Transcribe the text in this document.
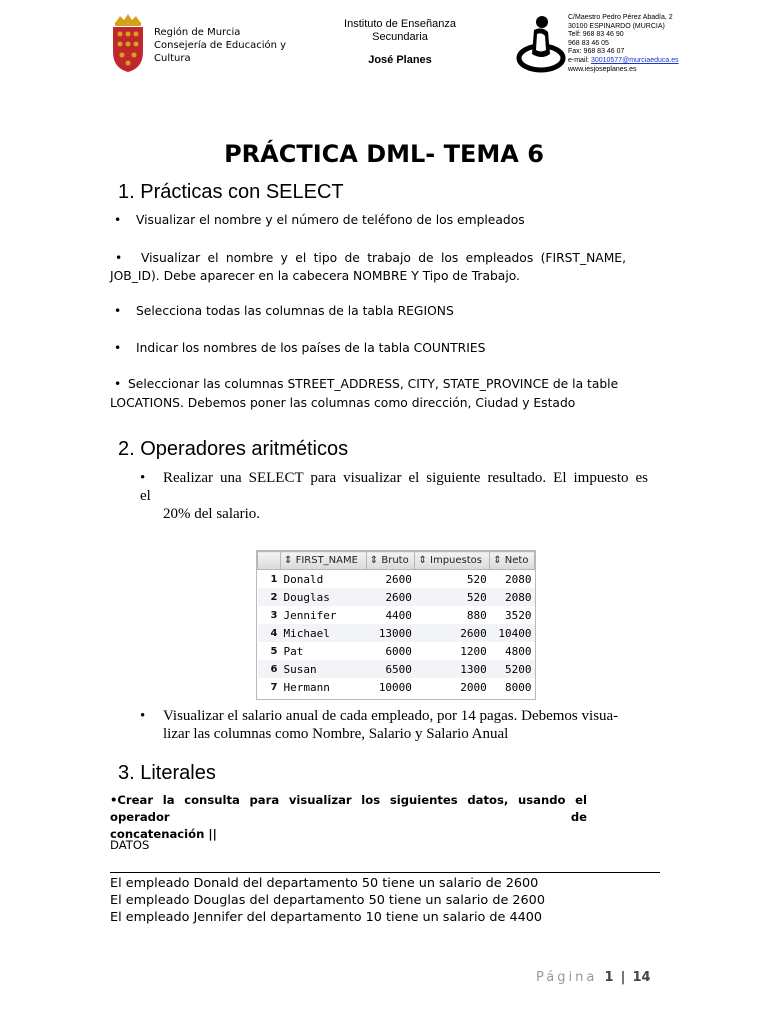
Región de Murcia
Consejería de Educación y
Cultura
Instituto de Enseñanza
Secundaria
José Planes
C/Maestro Pedro Pérez Abadía, 2
30100 ESPINARDO (MURCIA)
Telf: 968 83 46 90
968 83 46 05
Fax: 968 83 46 07
e-mail: 30010577@murciaeduca.es
www.iesjoseplanes.es
PRÁCTICA DML- TEMA 6
1. Prácticas con SELECT
• Visualizar el nombre y el número de teléfono de los empleados
• Visualizar el nombre y el tipo de trabajo de los empleados (FIRST_NAME,
JOB_ID). Debe aparecer en la cabecera NOMBRE Y Tipo de Trabajo.
• Selecciona todas las columnas de la tabla REGIONS
• Indicar los nombres de los países de la tabla COUNTRIES
• Seleccionar las columnas STREET_ADDRESS, CITY, STATE_PROVINCE de la table
LOCATIONS. Debemos poner las columnas como dirección, Ciudad y Estado
2. Operadores aritméticos
• Realizar una SELECT para visualizar el siguiente resultado. El impuesto es
el
20% del salario.
	⇕ FIRST_NAME	⇕ Bruto	⇕ Impuestos	⇕ Neto
1	Donald	2600	520	2080
2	Douglas	2600	520	2080
3	Jennifer	4400	880	3520
4	Michael	13000	2600	10400
5	Pat	6000	1200	4800
6	Susan	6500	1300	5200
7	Hermann	10000	2000	8000
• Visualizar el salario anual de cada empleado, por 14 pagas. Debemos visua-
lizar las columnas como Nombre, Salario y Salario Anual
3. Literales
•Crear la consulta para visualizar los siguientes datos, usando el operador de
concatenación ||
DATOS
El empleado Donald del departamento 50 tiene un salario de 2600
El empleado Douglas del departamento 50 tiene un salario de 2600
El empleado Jennifer del departamento 10 tiene un salario de 4400
Página 1 | 14
